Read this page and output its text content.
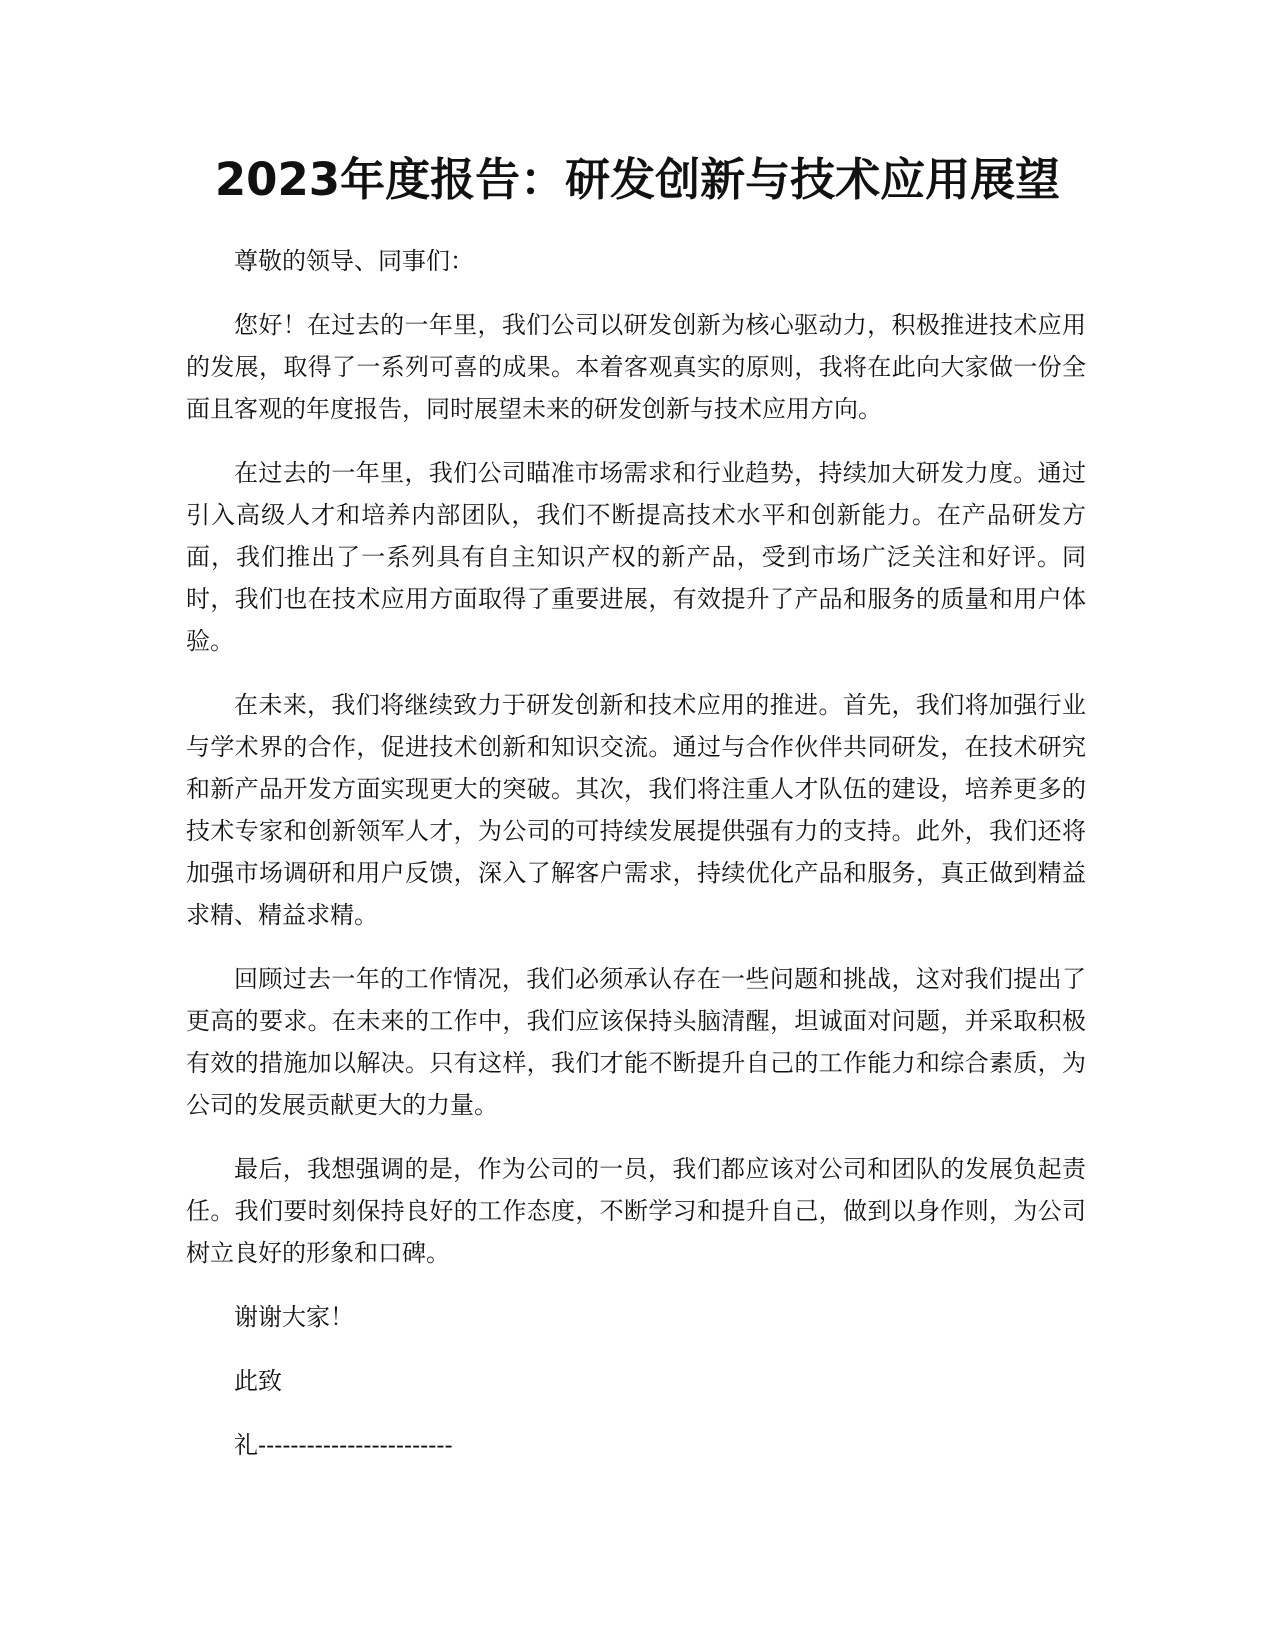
2023年度报告：研发创新与技术应用展望

尊敬的领导、同事们：

您好！在过去的一年里，我们公司以研发创新为核心驱动力，积极推进技术应用的发展，取得了一系列可喜的成果。本着客观真实的原则，我将在此向大家做一份全面且客观的年度报告，同时展望未来的研发创新与技术应用方向。

在过去的一年里，我们公司瞄准市场需求和行业趋势，持续加大研发力度。通过引入高级人才和培养内部团队，我们不断提高技术水平和创新能力。在产品研发方面，我们推出了一系列具有自主知识产权的新产品，受到市场广泛关注和好评。同时，我们也在技术应用方面取得了重要进展，有效提升了产品和服务的质量和用户体验。

在未来，我们将继续致力于研发创新和技术应用的推进。首先，我们将加强行业与学术界的合作，促进技术创新和知识交流。通过与合作伙伴共同研发，在技术研究和新产品开发方面实现更大的突破。其次，我们将注重人才队伍的建设，培养更多的技术专家和创新领军人才，为公司的可持续发展提供强有力的支持。此外，我们还将加强市场调研和用户反馈，深入了解客户需求，持续优化产品和服务，真正做到精益求精、精益求精。

回顾过去一年的工作情况，我们必须承认存在一些问题和挑战，这对我们提出了更高的要求。在未来的工作中，我们应该保持头脑清醒，坦诚面对问题，并采取积极有效的措施加以解决。只有这样，我们才能不断提升自己的工作能力和综合素质，为公司的发展贡献更大的力量。

最后，我想强调的是，作为公司的一员，我们都应该对公司和团队的发展负起责任。我们要时刻保持良好的工作态度，不断学习和提升自己，做到以身作则，为公司树立良好的形象和口碑。

谢谢大家！

此致

礼------------------------
